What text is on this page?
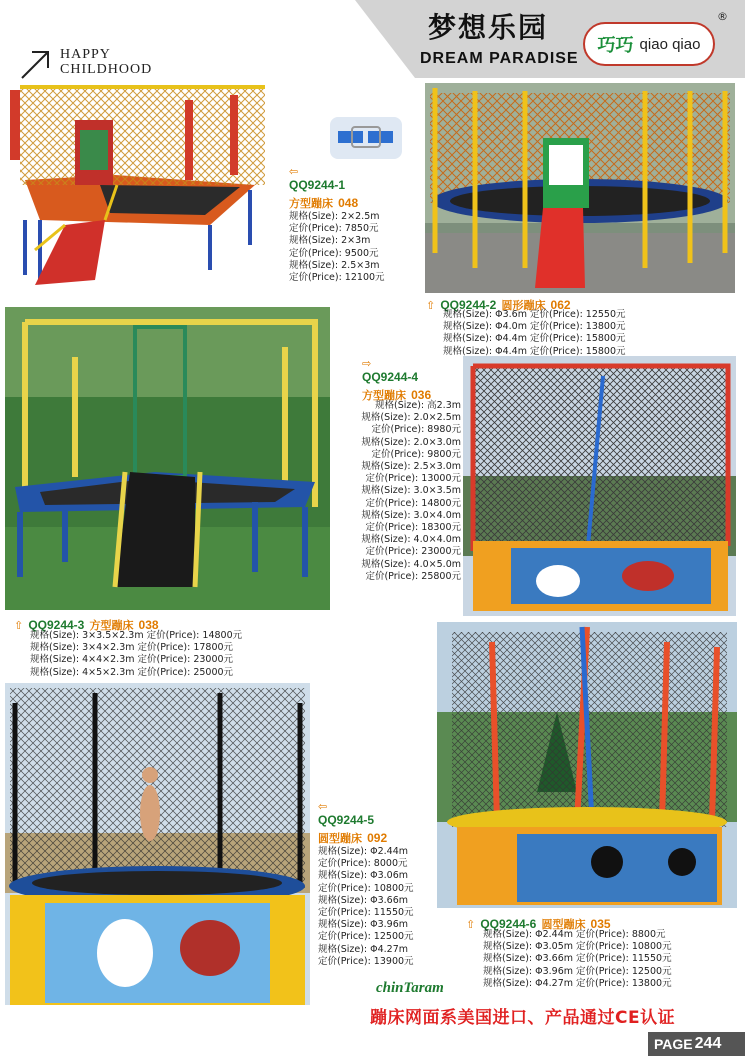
梦想乐园
DREAM PARADISE
巧巧 qiao qiao
®
HAPPY
CHILDHOOD
⇦
QQ9244-1
方型蹦床 048
规格(Size): 2×2.5m
定价(Price): 7850元
规格(Size): 2×3m
定价(Price): 9500元
规格(Size): 2.5×3m
定价(Price): 12100元
⇧ QQ9244-2 圆形蹦床 062
规格(Size): Φ3.6m 定价(Price): 12550元
规格(Size): Φ4.0m 定价(Price): 13800元
规格(Size): Φ4.4m 定价(Price): 15800元
规格(Size): Φ4.4m 定价(Price): 15800元
⇨
QQ9244-4
方型蹦床 036
规格(Size): 高2.3m
规格(Size): 2.0×2.5m
定价(Price): 8980元
规格(Size): 2.0×3.0m
定价(Price): 9800元
规格(Size): 2.5×3.0m
定价(Price): 13000元
规格(Size): 3.0×3.5m
定价(Price): 14800元
规格(Size): 3.0×4.0m
定价(Price): 18300元
规格(Size): 4.0×4.0m
定价(Price): 23000元
规格(Size): 4.0×5.0m
定价(Price): 25800元
⇧ QQ9244-3 方型蹦床 038
规格(Size): 3×3.5×2.3m 定价(Price): 14800元
规格(Size): 3×4×2.3m 定价(Price): 17800元
规格(Size): 4×4×2.3m 定价(Price): 23000元
规格(Size): 4×5×2.3m 定价(Price): 25000元
⇦
QQ9244-5
圆型蹦床 092
规格(Size): Φ2.44m
定价(Price): 8000元
规格(Size): Φ3.06m
定价(Price): 10800元
规格(Size): Φ3.66m
定价(Price): 11550元
规格(Size): Φ3.96m
定价(Price): 12500元
规格(Size): Φ4.27m
定价(Price): 13900元
⇧ QQ9244-6 圆型蹦床 035
规格(Size): Φ2.44m 定价(Price): 8800元
规格(Size): Φ3.05m 定价(Price): 10800元
规格(Size): Φ3.66m 定价(Price): 11550元
规格(Size): Φ3.96m 定价(Price): 12500元
规格(Size): Φ4.27m 定价(Price): 13800元
chinTaram
蹦床网面系美国进口、产品通过CE认证
PAGE 244
